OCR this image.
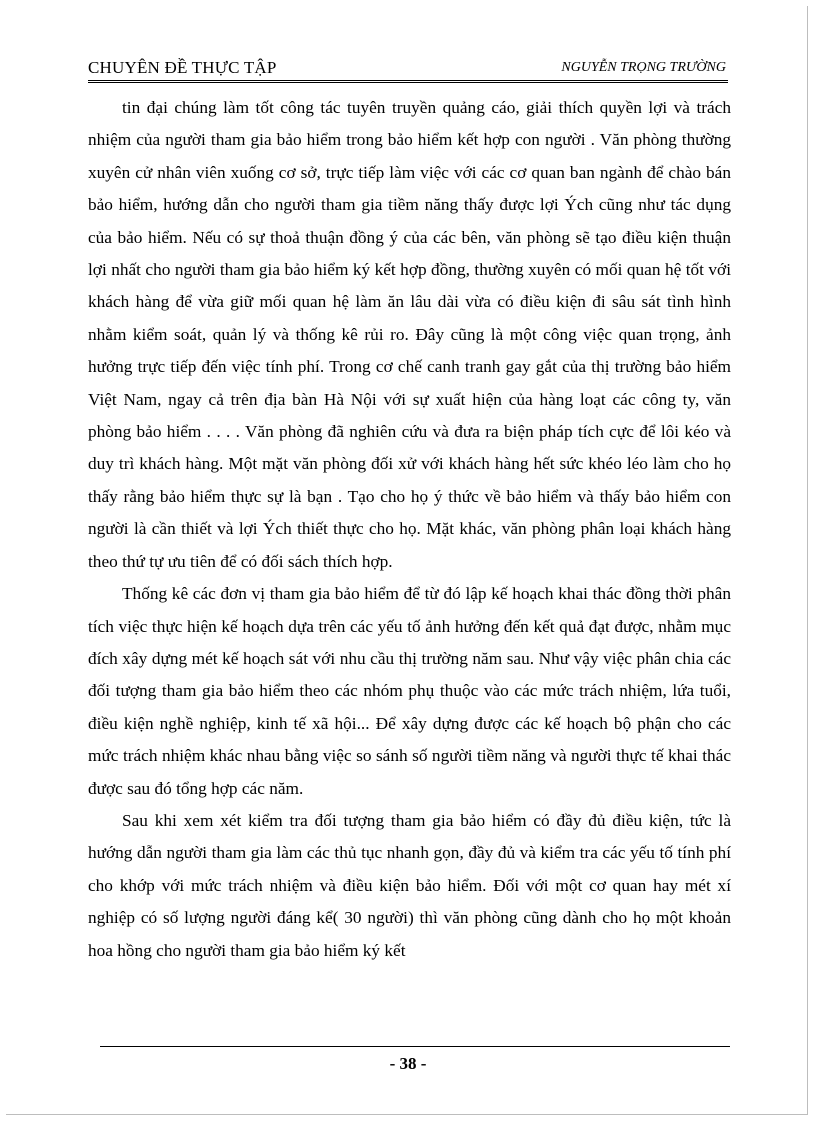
CHUYÊN ĐỀ THỰC TẬP	NGUYỄN TRỌNG TRƯỜNG

tin đại chúng làm tốt công tác tuyên truyền quảng cáo, giải thích quyền lợi và trách nhiệm của người tham gia bảo hiểm trong bảo hiểm kết hợp con người . Văn phòng thường xuyên cử nhân viên xuống cơ sở, trực tiếp làm việc với các cơ quan ban ngành để chào bán bảo hiểm, hướng dẫn cho người tham gia tiềm năng thấy được lợi Ých cũng như tác dụng của bảo hiểm. Nếu có sự thoả thuận đồng ý của các bên, văn phòng sẽ tạo điều kiện thuận lợi nhất cho người tham gia bảo hiểm ký kết hợp đồng, thường xuyên có mối quan hệ tốt với khách hàng để vừa giữ mối quan hệ làm ăn lâu dài vừa có điều kiện đi sâu sát tình hình nhằm kiểm soát, quản lý và thống kê rủi ro. Đây cũng là một công việc quan trọng, ảnh hưởng trực tiếp đến việc tính phí. Trong cơ chế canh tranh gay gắt của thị trường bảo hiểm Việt Nam, ngay cả trên địa bàn Hà Nội với sự xuất hiện của hàng loạt các công ty, văn phòng bảo hiểm . . . . Văn phòng đã nghiên cứu và đưa ra biện pháp tích cực để lôi kéo và duy trì khách hàng. Một mặt văn phòng đối xử với khách hàng hết sức khéo léo làm cho họ thấy rằng bảo hiểm thực sự là bạn . Tạo cho họ ý thức về bảo hiểm và thấy bảo hiểm con người là cần thiết và lợi Ých thiết thực cho họ. Mặt khác, văn phòng phân loại khách hàng theo thứ tự ưu tiên để có đối sách thích hợp.

Thống kê các đơn vị tham gia bảo hiểm để từ đó lập kế hoạch khai thác đồng thời phân tích việc thực hiện kế hoạch dựa trên các yếu tố ảnh hưởng đến kết quả đạt được, nhằm mục đích xây dựng mét kế hoạch sát với nhu cầu thị trường năm sau. Như vậy việc phân chia các đối tượng tham gia bảo hiểm theo các nhóm phụ thuộc vào các mức trách nhiệm, lứa tuổi, điều kiện nghề nghiệp, kinh tế xã hội... Để xây dựng được các kế hoạch bộ phận cho các mức trách nhiệm khác nhau bằng việc so sánh số người tiềm năng và người thực tế khai thác được sau đó tổng hợp các năm.

Sau khi xem xét kiểm tra đối tượng tham gia bảo hiểm có đầy đủ điều kiện, tức là hướng dẫn người tham gia làm các thủ tục nhanh gọn, đầy đủ và kiểm tra các yếu tố tính phí cho khớp với mức trách nhiệm và điều kiện bảo hiểm. Đối với một cơ quan hay mét xí nghiệp có số lượng người đáng kể( 30 người) thì văn phòng cũng dành cho họ một khoản hoa hồng cho người tham gia bảo hiểm ký kết

- 38 -
